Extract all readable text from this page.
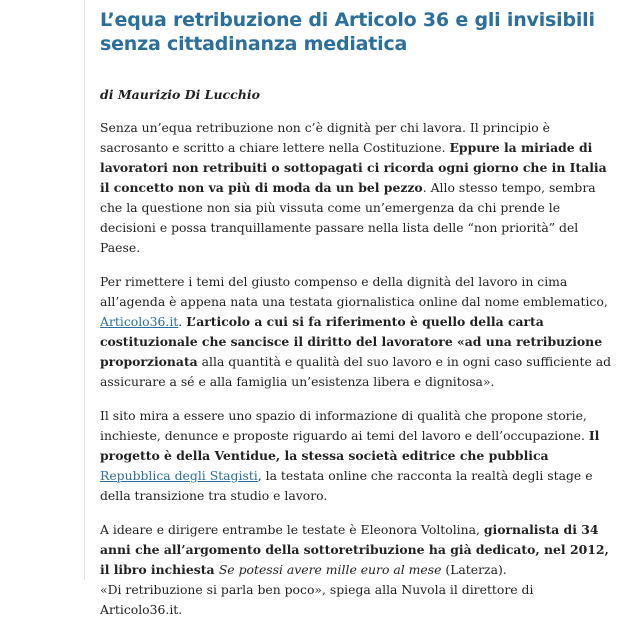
L’equa retribuzione di Articolo 36 e gli invisibili senza cittadinanza mediatica

di Maurizio Di Lucchio

Senza un’equa retribuzione non c’è dignità per chi lavora. Il principio è sacrosanto e scritto a chiare lettere nella Costituzione. Eppure la miriade di lavoratori non retribuiti o sottopagati ci ricorda ogni giorno che in Italia il concetto non va più di moda da un bel pezzo. Allo stesso tempo, sembra che la questione non sia più vissuta come un’emergenza da chi prende le decisioni e possa tranquillamente passare nella lista delle “non priorità” del Paese.

Per rimettere i temi del giusto compenso e della dignità del lavoro in cima all’agenda è appena nata una testata giornalistica online dal nome emblematico, Articolo36.it. L’articolo a cui si fa riferimento è quello della carta costituzionale che sancisce il diritto del lavoratore «ad una retribuzione proporzionata alla quantità e qualità del suo lavoro e in ogni caso sufficiente ad assicurare a sé e alla famiglia un’esistenza libera e dignitosa».

Il sito mira a essere uno spazio di informazione di qualità che propone storie, inchieste, denunce e proposte riguardo ai temi del lavoro e dell’occupazione. Il progetto è della Ventidue, la stessa società editrice che pubblica Repubblica degli Stagisti, la testata online che racconta la realtà degli stage e della transizione tra studio e lavoro.

A ideare e dirigere entrambe le testate è Eleonora Voltolina, giornalista di 34 anni che all’argomento della sottoretribuzione ha già dedicato, nel 2012, il libro inchiesta Se potessi avere mille euro al mese (Laterza).
«Di retribuzione si parla ben poco», spiega alla Nuvola il direttore di Articolo36.it.
